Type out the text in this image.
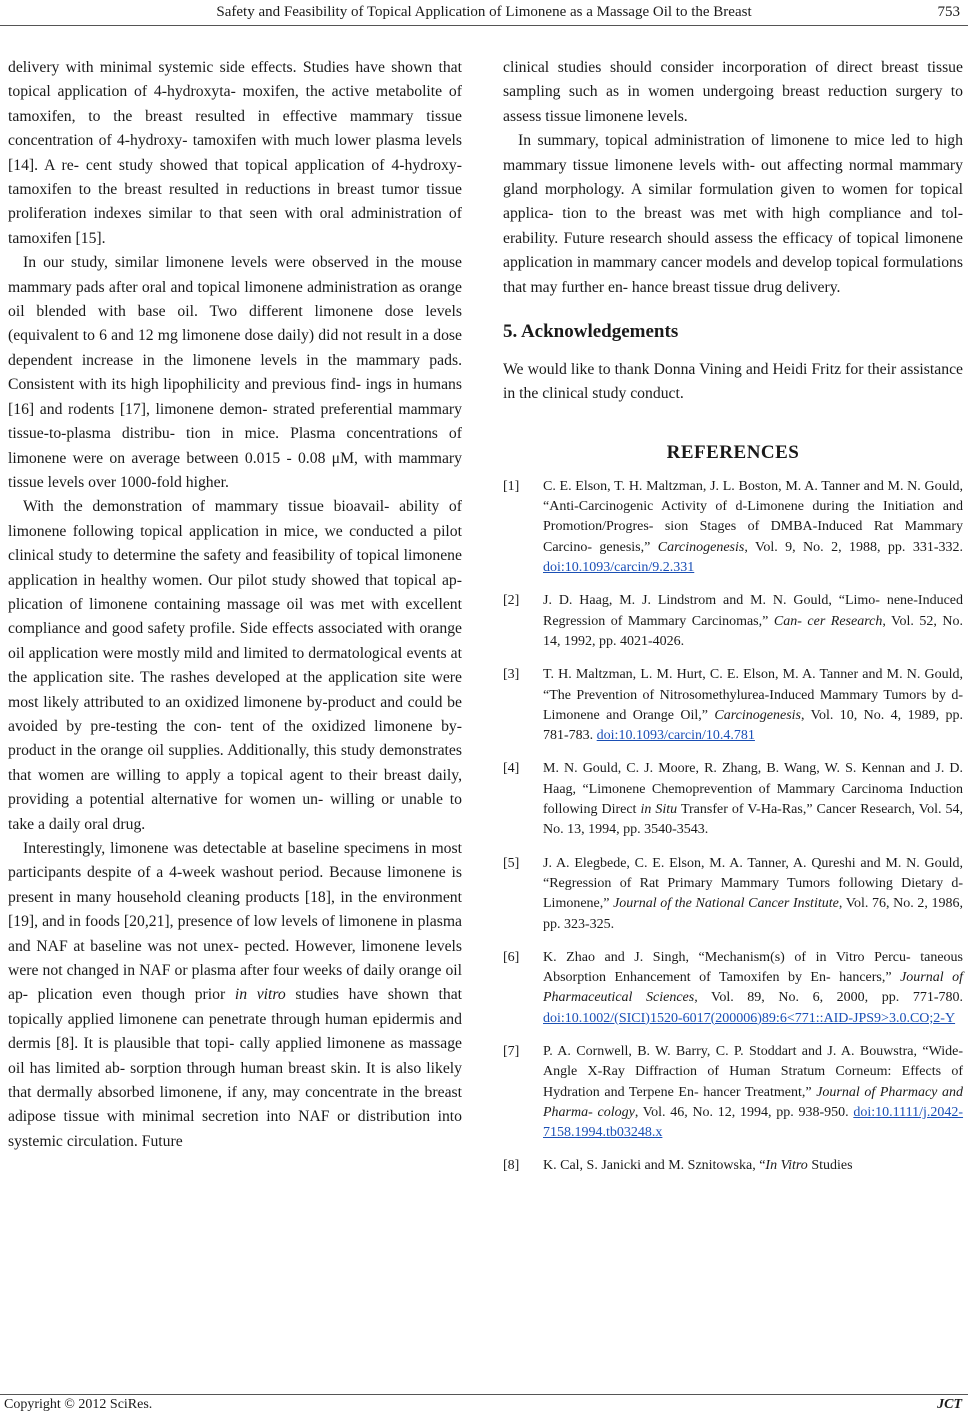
Safety and Feasibility of Topical Application of Limonene as a Massage Oil to the Breast	753

delivery with minimal systemic side effects. Studies have shown that topical application of 4-hydroxyta- moxifen, the active metabolite of tamoxifen, to the breast resulted in effective mammary tissue concentration of 4-hydroxy- tamoxifen with much lower plasma levels [14]. A re- cent study showed that topical application of 4-hydroxy- tamoxifen to the breast resulted in reductions in breast tumor tissue proliferation indexes similar to that seen with oral administration of tamoxifen [15].

In our study, similar limonene levels were observed in the mouse mammary pads after oral and topical limonene administration as orange oil blended with base oil. Two different limonene dose levels (equivalent to 6 and 12 mg limonene dose daily) did not result in a dose dependent increase in the limonene levels in the mammary pads. Consistent with its high lipophilicity and previous find- ings in humans [16] and rodents [17], limonene demon- strated preferential mammary tissue-to-plasma distribu- tion in mice. Plasma concentrations of limonene were on average between 0.015 - 0.08 μM, with mammary tissue levels over 1000-fold higher.

With the demonstration of mammary tissue bioavail- ability of limonene following topical application in mice, we conducted a pilot clinical study to determine the safety and feasibility of topical limonene application in healthy women. Our pilot study showed that topical ap- plication of limonene containing massage oil was met with excellent compliance and good safety profile. Side effects associated with orange oil application were mostly mild and limited to dermatological events at the application site. The rashes developed at the application site were most likely attributed to an oxidized limonene by-product and could be avoided by pre-testing the con- tent of the oxidized limonene by-product in the orange oil supplies. Additionally, this study demonstrates that women are willing to apply a topical agent to their breast daily, providing a potential alternative for women un- willing or unable to take a daily oral drug.

Interestingly, limonene was detectable at baseline specimens in most participants despite of a 4-week washout period. Because limonene is present in many household cleaning products [18], in the environment [19], and in foods [20,21], presence of low levels of limonene in plasma and NAF at baseline was not unex- pected. However, limonene levels were not changed in NAF or plasma after four weeks of daily orange oil ap- plication even though prior in vitro studies have shown that topically applied limonene can penetrate through human epidermis and dermis [8]. It is plausible that topi- cally applied limonene as massage oil has limited ab- sorption through human breast skin. It is also likely that dermally absorbed limonene, if any, may concentrate in the breast adipose tissue with minimal secretion into NAF or distribution into systemic circulation. Future

clinical studies should consider incorporation of direct breast tissue sampling such as in women undergoing breast reduction surgery to assess tissue limonene levels.

In summary, topical administration of limonene to mice led to high mammary tissue limonene levels with- out affecting normal mammary gland morphology. A similar formulation given to women for topical applica- tion to the breast was met with high compliance and tol- erability. Future research should assess the efficacy of topical limonene application in mammary cancer models and develop topical formulations that may further en- hance breast tissue drug delivery.

5. Acknowledgements

We would like to thank Donna Vining and Heidi Fritz for their assistance in the clinical study conduct.

REFERENCES
[1] C. E. Elson, T. H. Maltzman, J. L. Boston, M. A. Tanner and M. N. Gould, “Anti-Carcinogenic Activity of d-Limonene during the Initiation and Promotion/Progres- sion Stages of DMBA-Induced Rat Mammary Carcino- genesis,” Carcinogenesis, Vol. 9, No. 2, 1988, pp. 331-332. doi:10.1093/carcin/9.2.331
[2] J. D. Haag, M. J. Lindstrom and M. N. Gould, “Limo- nene-Induced Regression of Mammary Carcinomas,” Can- cer Research, Vol. 52, No. 14, 1992, pp. 4021-4026.
[3] T. H. Maltzman, L. M. Hurt, C. E. Elson, M. A. Tanner and M. N. Gould, “The Prevention of Nitrosomethylurea-Induced Mammary Tumors by d-Limonene and Orange Oil,” Carcinogenesis, Vol. 10, No. 4, 1989, pp. 781-783. doi:10.1093/carcin/10.4.781
[4] M. N. Gould, C. J. Moore, R. Zhang, B. Wang, W. S. Kennan and J. D. Haag, “Limonene Chemoprevention of Mammary Carcinoma Induction following Direct in Situ Transfer of V-Ha-Ras,” Cancer Research, Vol. 54, No. 13, 1994, pp. 3540-3543.
[5] J. A. Elegbede, C. E. Elson, M. A. Tanner, A. Qureshi and M. N. Gould, “Regression of Rat Primary Mammary Tumors following Dietary d-Limonene,” Journal of the National Cancer Institute, Vol. 76, No. 2, 1986, pp. 323-325.
[6] K. Zhao and J. Singh, “Mechanism(s) of in Vitro Percu- taneous Absorption Enhancement of Tamoxifen by En- hancers,” Journal of Pharmaceutical Sciences, Vol. 89, No. 6, 2000, pp. 771-780. doi:10.1002/(SICI)1520-6017(200006)89:6<771::AID-JPS9>3.0.CO;2-Y
[7] P. A. Cornwell, B. W. Barry, C. P. Stoddart and J. A. Bouwstra, “Wide-Angle X-Ray Diffraction of Human Stratum Corneum: Effects of Hydration and Terpene En- hancer Treatment,” Journal of Pharmacy and Pharma- cology, Vol. 46, No. 12, 1994, pp. 938-950. doi:10.1111/j.2042-7158.1994.tb03248.x
[8] K. Cal, S. Janicki and M. Sznitowska, “In Vitro Studies
Copyright © 2012 SciRes.	JCT
